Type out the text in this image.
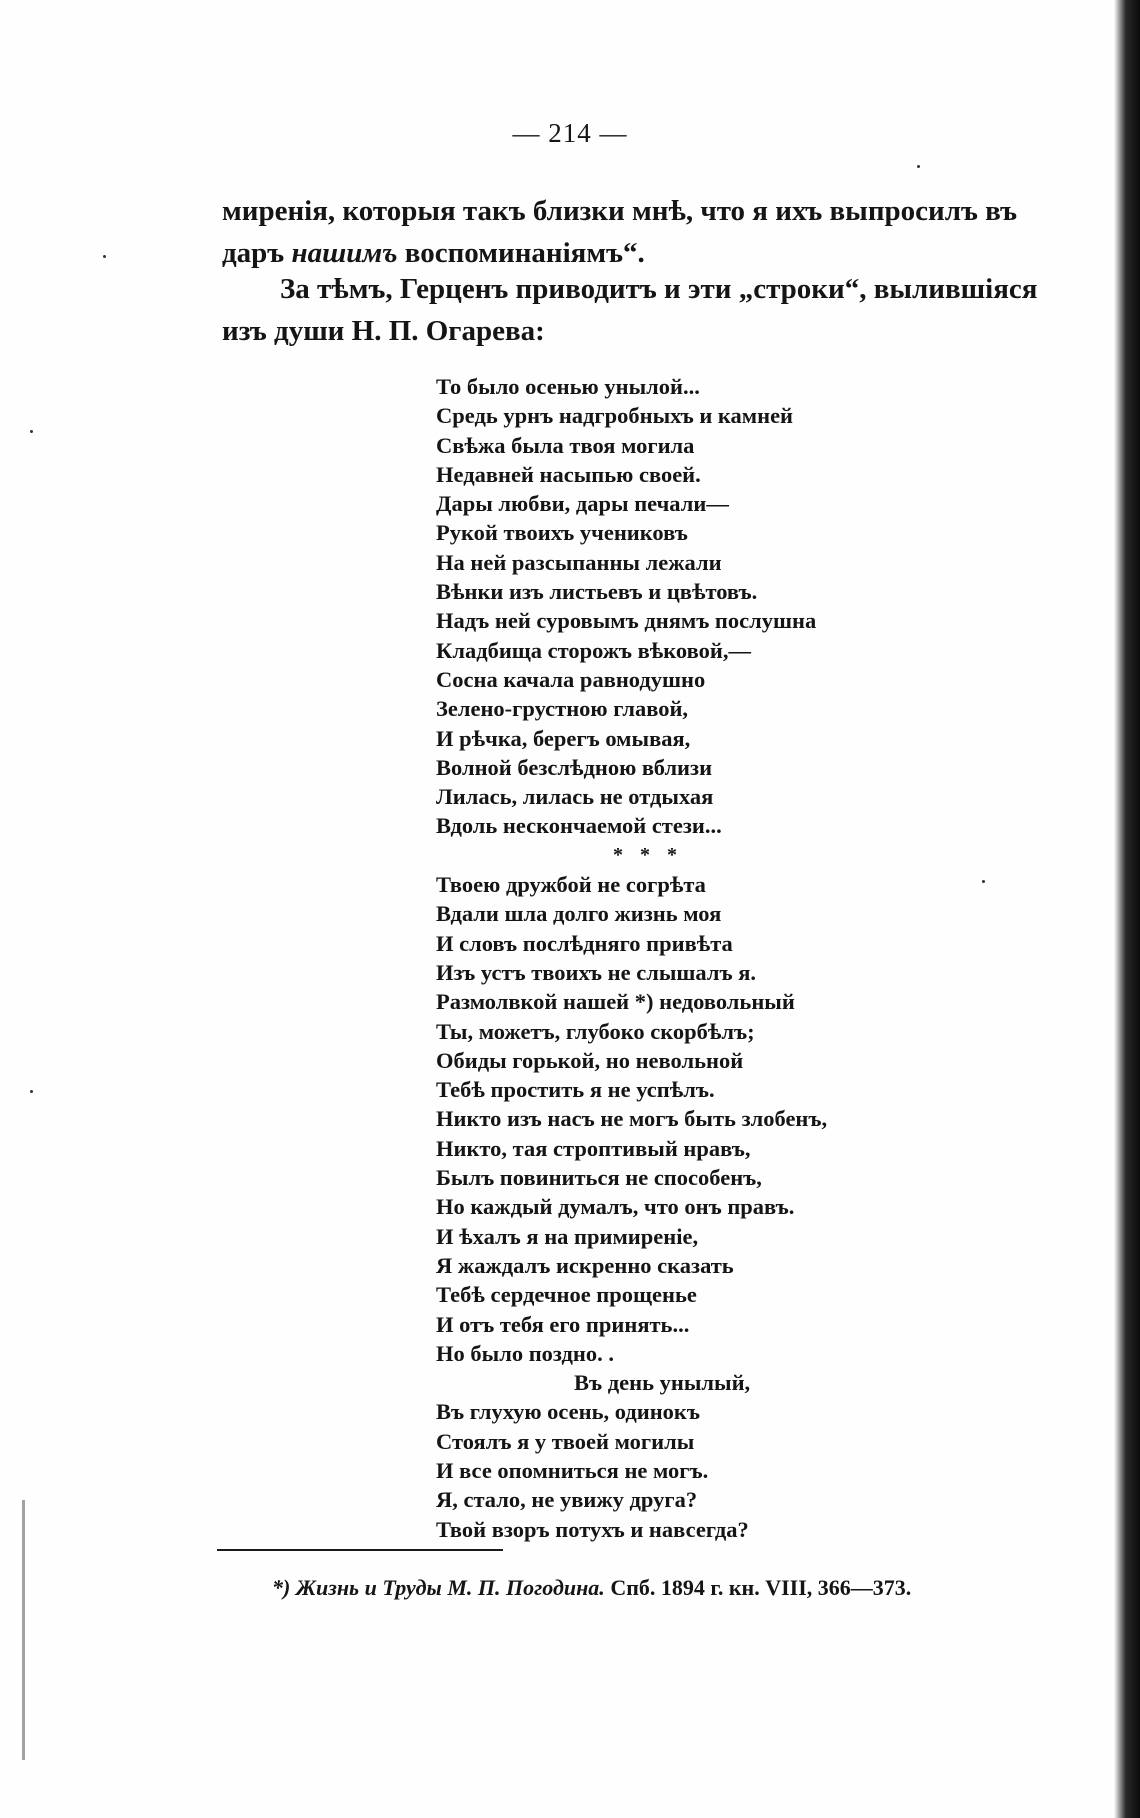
— 214 —

миренія, которыя такъ близки мнѣ, что я ихъ выпросилъ въ

даръ нашимъ воспоминаніямъ“.

За тѣмъ, Герценъ приводитъ и эти „строки“, вылившіяся

изъ души Н. П. Огарева:

То было осенью унылой...
Средь урнъ надгробныхъ и камней
Свѣжа была твоя могила
Недавней насыпью своей.
Дары любви, дары печали—
Рукой твоихъ учениковъ
На ней разсыпанны лежали
Вѣнки изъ листьевъ и цвѣтовъ.
Надъ ней суровымъ днямъ послушна
Кладбища сторожъ вѣковой,—
Сосна качала равнодушно
Зелено-грустною главой,
И рѣчка, берегъ омывая,
Волной безслѣдною вблизи
Лилась, лилась не отдыхая
Вдоль нескончаемой стези...
* * *
Твоею дружбой не согрѣта
Вдали шла долго жизнь моя
И словъ послѣдняго привѣта
Изъ устъ твоихъ не слышалъ я.
Размолвкой нашей *) недовольный
Ты, можетъ, глубоко скорбѣлъ;
Обиды горькой, но невольной
Тебѣ простить я не успѣлъ.
Никто изъ насъ не могъ быть злобенъ,
Никто, тая строптивый нравъ,
Былъ повиниться не способенъ,
Но каждый думалъ, что онъ правъ.
И ѣхалъ я на примиреніе,
Я жаждалъ искренно сказать
Тебѣ сердечное прощенье
И отъ тебя его принять...
Но было поздно. .
Въ день унылый,
Въ глухую осень, одинокъ
Стоялъ я у твоей могилы
И все опомниться не могъ.
Я, стало, не увижу друга?
Твой взоръ потухъ и навсегда?
*) Жизнь и Труды М. П. Погодина. Спб. 1894 г. кн. VIII, 366—373.
